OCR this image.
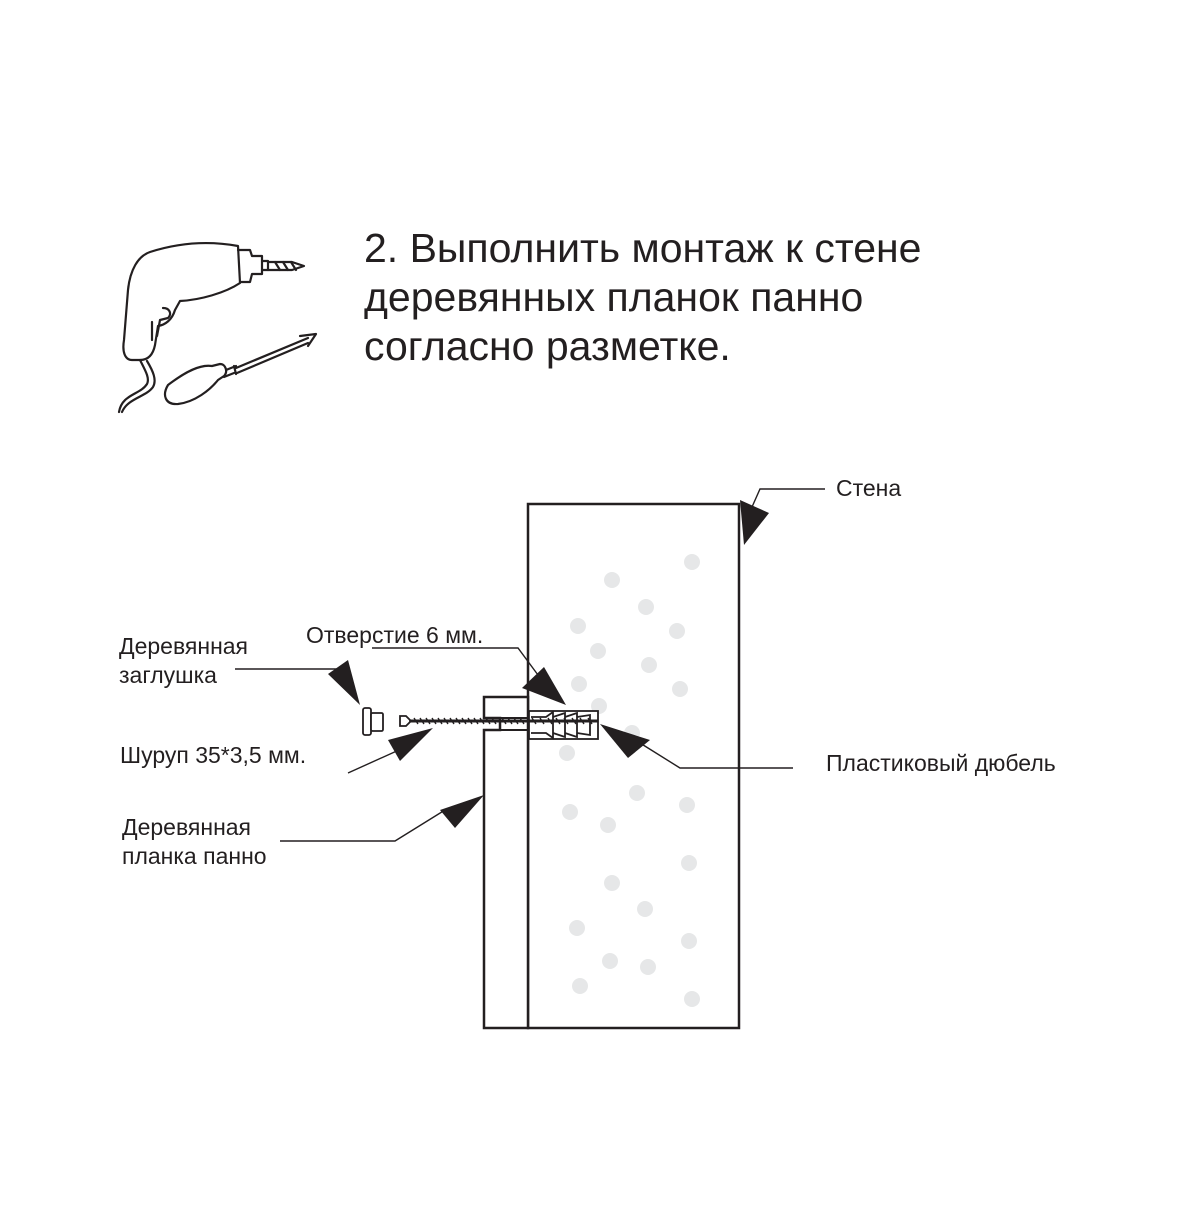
2. Выполнить монтаж к стене
деревянных планок панно
согласно разметке.
Стена
Отверстие 6 мм.
Деревянная
заглушка
Шуруп 35*3,5 мм.	Пластиковый дюбель
Деревянная
планка панно
